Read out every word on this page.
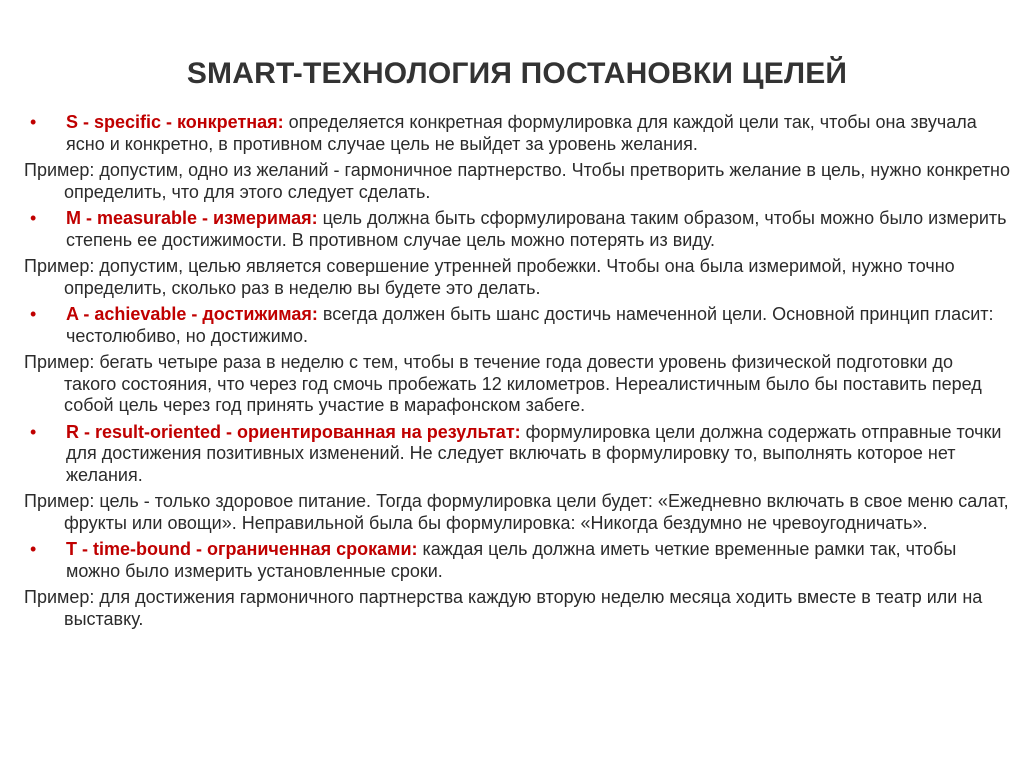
SMART-ТЕХНОЛОГИЯ ПОСТАНОВКИ ЦЕЛЕЙ
• S - specific - конкретная: определяется конкретная формулировка для каждой цели так, чтобы она звучала ясно и конкретно, в противном случае цель не выйдет за уровень желания.
Пример: допустим, одно из желаний - гармоничное партнерство. Чтобы претворить желание в цель, нужно конкретно определить, что для этого следует сделать.
• M - measurable - измеримая: цель должна быть сформулирована таким образом, чтобы можно было измерить степень ее достижимости. В противном случае цель можно потерять из виду.
Пример: допустим, целью является совершение утренней пробежки. Чтобы она была измеримой, нужно точно определить, сколько раз в неделю вы будете это делать.
• A - achievable - достижимая: всегда должен быть шанс достичь намеченной цели. Основной принцип гласит: честолюбиво, но достижимо.
Пример: бегать четыре раза в неделю с тем, чтобы в течение года довести уровень физической подготовки до такого состояния, что через год смочь пробежать 12 километров. Нереалистичным было бы поставить перед собой цель через год принять участие в марафонском забеге.
• R - result-oriented - ориентированная на результат: формулировка цели должна содержать отправные точки для достижения позитивных изменений. Не следует включать в формулировку то, выполнять которое нет желания.
Пример: цель - только здоровое питание. Тогда формулировка цели будет: «Ежедневно включать в свое меню салат, фрукты или овощи». Неправильной была бы формулировка: «Никогда бездумно не чревоугодничать».
• T - time-bound - ограниченная сроками: каждая цель должна иметь четкие временные рамки так, чтобы можно было измерить установленные сроки.
Пример: для достижения гармоничного партнерства каждую вторую неделю месяца ходить вместе в театр или на выставку.
